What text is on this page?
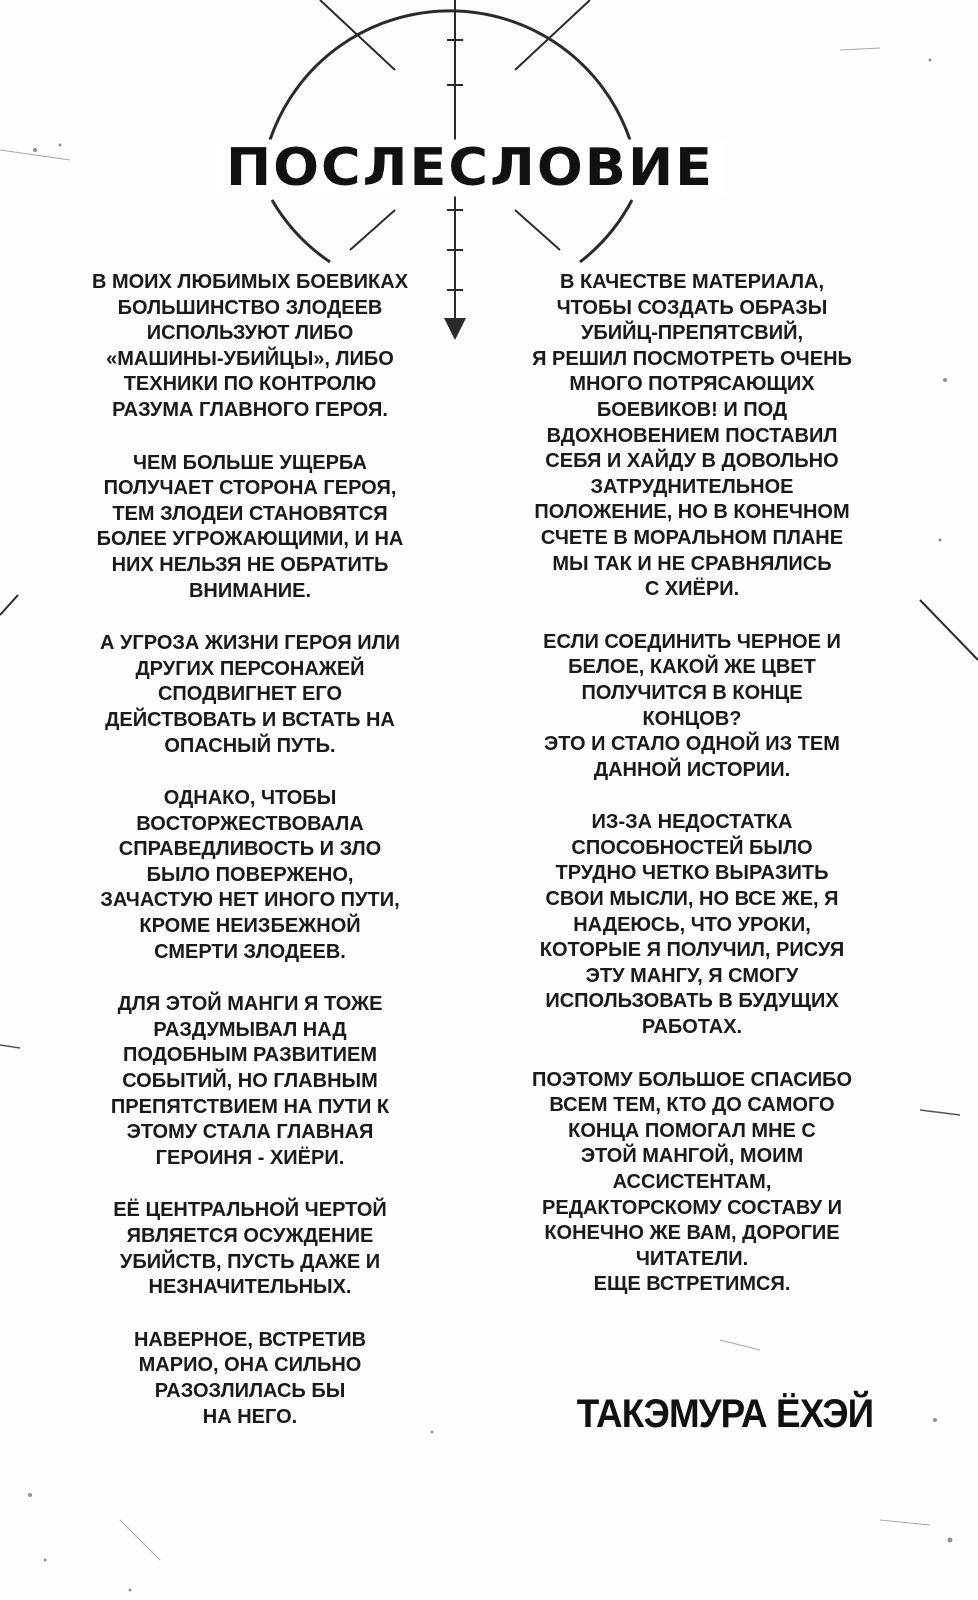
ПОСЛЕСЛОВИЕ

В МОИХ ЛЮБИМЫХ БОЕВИКАХ
БОЛЬШИНСТВО ЗЛОДЕЕВ
ИСПОЛЬЗУЮТ ЛИБО
«МАШИНЫ-УБИЙЦЫ», ЛИБО
ТЕХНИКИ ПО КОНТРОЛЮ
РАЗУМА ГЛАВНОГО ГЕРОЯ.

ЧЕМ БОЛЬШЕ УЩЕРБА
ПОЛУЧАЕТ СТОРОНА ГЕРОЯ,
ТЕМ ЗЛОДЕИ СТАНОВЯТСЯ
БОЛЕЕ УГРОЖАЮЩИМИ, И НА
НИХ НЕЛЬЗЯ НЕ ОБРАТИТЬ
ВНИМАНИЕ.

А УГРОЗА ЖИЗНИ ГЕРОЯ ИЛИ
ДРУГИХ ПЕРСОНАЖЕЙ
СПОДВИГНЕТ ЕГО
ДЕЙСТВОВАТЬ И ВСТАТЬ НА
ОПАСНЫЙ ПУТЬ.

ОДНАКО, ЧТОБЫ
ВОСТОРЖЕСТВОВАЛА
СПРАВЕДЛИВОСТЬ И ЗЛО
БЫЛО ПОВЕРЖЕНО,
ЗАЧАСТУЮ НЕТ ИНОГО ПУТИ,
КРОМЕ НЕИЗБЕЖНОЙ
СМЕРТИ ЗЛОДЕЕВ.

ДЛЯ ЭТОЙ МАНГИ Я ТОЖЕ
РАЗДУМЫВАЛ НАД
ПОДОБНЫМ РАЗВИТИЕМ
СОБЫТИЙ, НО ГЛАВНЫМ
ПРЕПЯТСТВИЕМ НА ПУТИ К
ЭТОМУ СТАЛА ГЛАВНАЯ
ГЕРОИНЯ - ХИЁРИ.

ЕЁ ЦЕНТРАЛЬНОЙ ЧЕРТОЙ
ЯВЛЯЕТСЯ ОСУЖДЕНИЕ
УБИЙСТВ, ПУСТЬ ДАЖЕ И
НЕЗНАЧИТЕЛЬНЫХ.

НАВЕРНОЕ, ВСТРЕТИВ
МАРИО, ОНА СИЛЬНО
РАЗОЗЛИЛАСЬ БЫ
НА НЕГО.

В КАЧЕСТВЕ МАТЕРИАЛА,
ЧТОБЫ СОЗДАТЬ ОБРАЗЫ
УБИЙЦ-ПРЕПЯТСВИЙ,
Я РЕШИЛ ПОСМОТРЕТЬ ОЧЕНЬ
МНОГО ПОТРЯСАЮЩИХ
БОЕВИКОВ! И ПОД
ВДОХНОВЕНИЕМ ПОСТАВИЛ
СЕБЯ И ХАЙДУ В ДОВОЛЬНО
ЗАТРУДНИТЕЛЬНОЕ
ПОЛОЖЕНИЕ, НО В КОНЕЧНОМ
СЧЕТЕ В МОРАЛЬНОМ ПЛАНЕ
МЫ ТАК И НЕ СРАВНЯЛИСЬ
С ХИЁРИ.

ЕСЛИ СОЕДИНИТЬ ЧЕРНОЕ И
БЕЛОЕ, КАКОЙ ЖЕ ЦВЕТ
ПОЛУЧИТСЯ В КОНЦЕ
КОНЦОВ?
ЭТО И СТАЛО ОДНОЙ ИЗ ТЕМ
ДАННОЙ ИСТОРИИ.

ИЗ-ЗА НЕДОСТАТКА
СПОСОБНОСТЕЙ БЫЛО
ТРУДНО ЧЕТКО ВЫРАЗИТЬ
СВОИ МЫСЛИ, НО ВСЕ ЖЕ, Я
НАДЕЮСЬ, ЧТО УРОКИ,
КОТОРЫЕ Я ПОЛУЧИЛ, РИСУЯ
ЭТУ МАНГУ, Я СМОГУ
ИСПОЛЬЗОВАТЬ В БУДУЩИХ
РАБОТАХ.

ПОЭТОМУ БОЛЬШОЕ СПАСИБО
ВСЕМ ТЕМ, КТО ДО САМОГО
КОНЦА ПОМОГАЛ МНЕ С
ЭТОЙ МАНГОЙ, МОИМ
АССИСТЕНТАМ,
РЕДАКТОРСКОМУ СОСТАВУ И
КОНЕЧНО ЖЕ ВАМ, ДОРОГИЕ
ЧИТАТЕЛИ.
ЕЩЕ ВСТРЕТИМСЯ.

ТАКЭМУРА ЁХЭЙ
